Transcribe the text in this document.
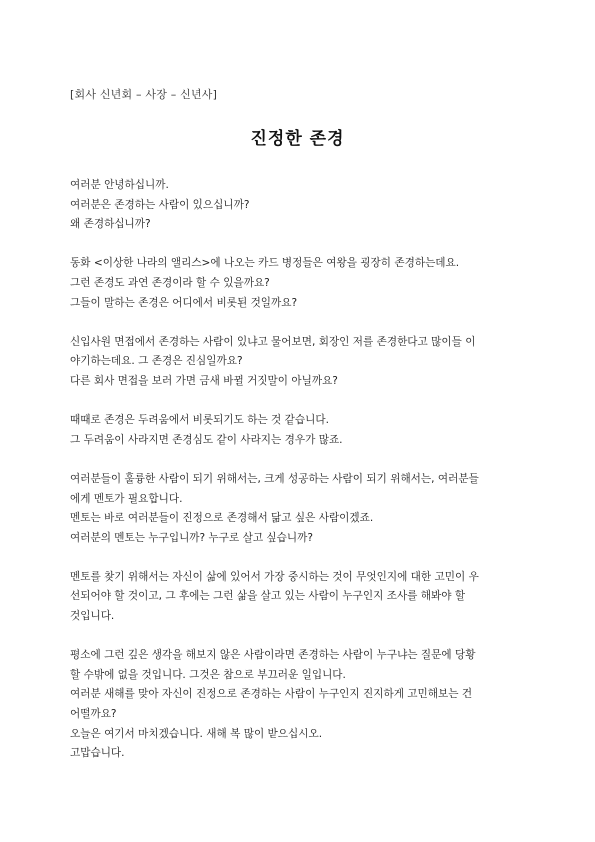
[회사 신년회 – 사장 – 신년사]
진정한 존경
여러분 안녕하십니까.
여러분은 존경하는 사람이 있으십니까?
왜 존경하십니까?
동화 <이상한 나라의 앨리스>에 나오는 카드 병정들은 여왕을 굉장히 존경하는데요.
그런 존경도 과연 존경이라 할 수 있을까요?
그들이 말하는 존경은 어디에서 비롯된 것일까요?
신입사원 면접에서 존경하는 사람이 있냐고 물어보면, 회장인 저를 존경한다고 많이들 이
야기하는데요. 그 존경은 진심일까요?
다른 회사 면접을 보러 가면 금새 바뀔 거짓말이 아닐까요?
때때로 존경은 두려움에서 비롯되기도 하는 것 같습니다.
그 두려움이 사라지면 존경심도 같이 사라지는 경우가 많죠.
여러분들이 훌륭한 사람이 되기 위해서는, 크게 성공하는 사람이 되기 위해서는, 여러분들
에게 멘토가 필요합니다.
멘토는 바로 여러분들이 진정으로 존경해서 닮고 싶은 사람이겠죠.
여러분의 멘토는 누구입니까? 누구로 살고 싶습니까?
멘토를 찾기 위해서는 자신이 삶에 있어서 가장 중시하는 것이 무엇인지에 대한 고민이 우
선되어야 할 것이고, 그 후에는 그런 삶을 살고 있는 사람이 누구인지 조사를 해봐야 할
것입니다.
평소에 그런 깊은 생각을 해보지 않은 사람이라면 존경하는 사람이 누구냐는 질문에 당황
할 수밖에 없을 것입니다. 그것은 참으로 부끄러운 일입니다.
여러분 새해를 맞아 자신이 진정으로 존경하는 사람이 누구인지 진지하게 고민해보는 건
어떨까요?
오늘은 여기서 마치겠습니다. 새해 복 많이 받으십시오.
고맙습니다.
